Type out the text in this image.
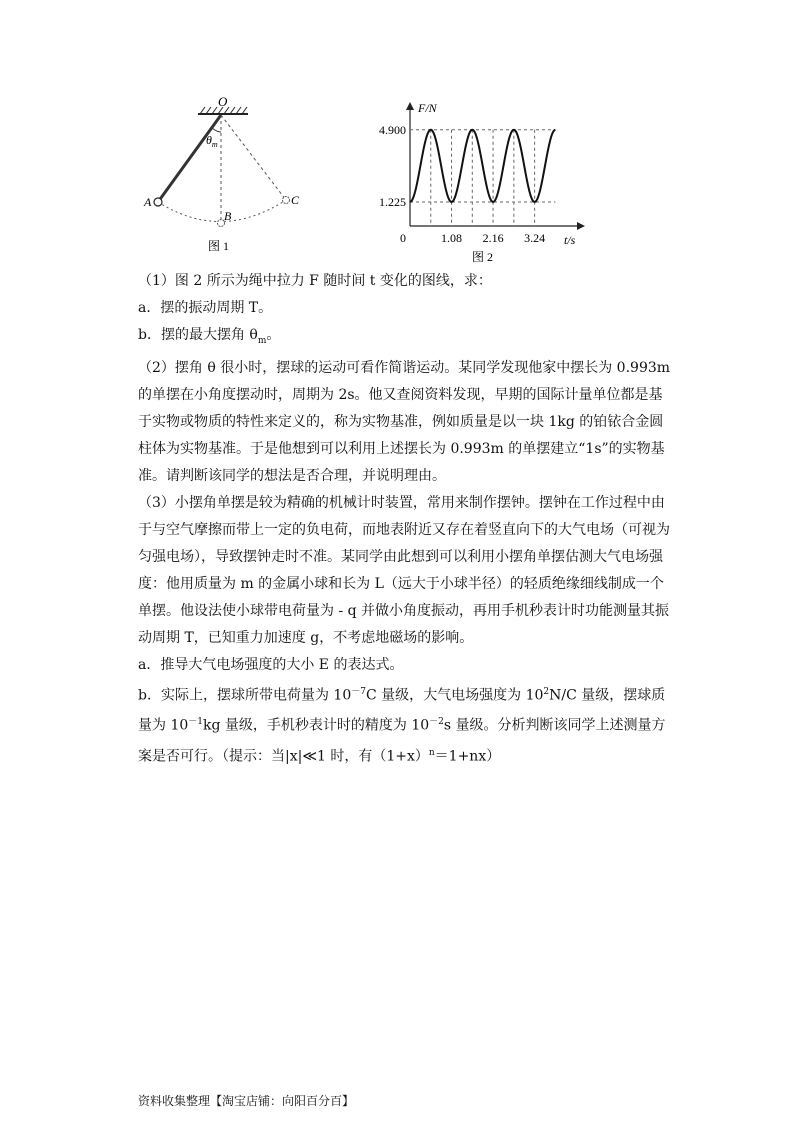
O
$\theta_m$
A
B
C
图 1
F/N
t/s
0
4.900
1.225
1.08 2.16 3.24
图 2

（1）图 2 所示为绳中拉力 F 随时间 t 变化的图线，求：

a．摆的振动周期 T。

b．摆的最大摆角 $\theta_m$。

（2）摆角 θ 很小时，摆球的运动可看作简谐运动。某同学发现他家中摆长为 0.993m 的单摆在小角度摆动时，周期为 2s。他又查阅资料发现，早期的国际计量单位都是基于实物或物质的特性来定义的，称为实物基准，例如质量是以一块 1kg 的铂铱合金圆柱体为实物基准。于是他想到可以利用上述摆长为 0.993m 的单摆建立“1s”的实物基准。请判断该同学的想法是否合理，并说明理由。

（3）小摆角单摆是较为精确的机械计时装置，常用来制作摆钟。摆钟在工作过程中由于与空气摩擦而带上一定的负电荷，而地表附近又存在着竖直向下的大气电场（可视为匀强电场），导致摆钟走时不准。某同学由此想到可以利用小摆角单摆估测大气电场强度：他用质量为 m 的金属小球和长为 L（远大于小球半径）的轻质绝缘细线制成一个单摆。他设法使小球带电荷量为 - q 并做小角度振动，再用手机秒表计时功能测量其振动周期 T，已知重力加速度 g，不考虑地磁场的影响。

a．推导大气电场强度的大小 E 的表达式。

b．实际上，摆球所带电荷量为 $10^{-7}C$ 量级，大气电场强度为 $10^2N/C$ 量级，摆球质量为 $10^{-1}kg$ 量级，手机秒表计时的精度为 $10^{-2}s$ 量级。分析判断该同学上述测量方案是否可行。（提示：当|x|≪1 时，有$(1+x)^n=1+nx$）

资料收集整理【淘宝店铺：向阳百分百】
